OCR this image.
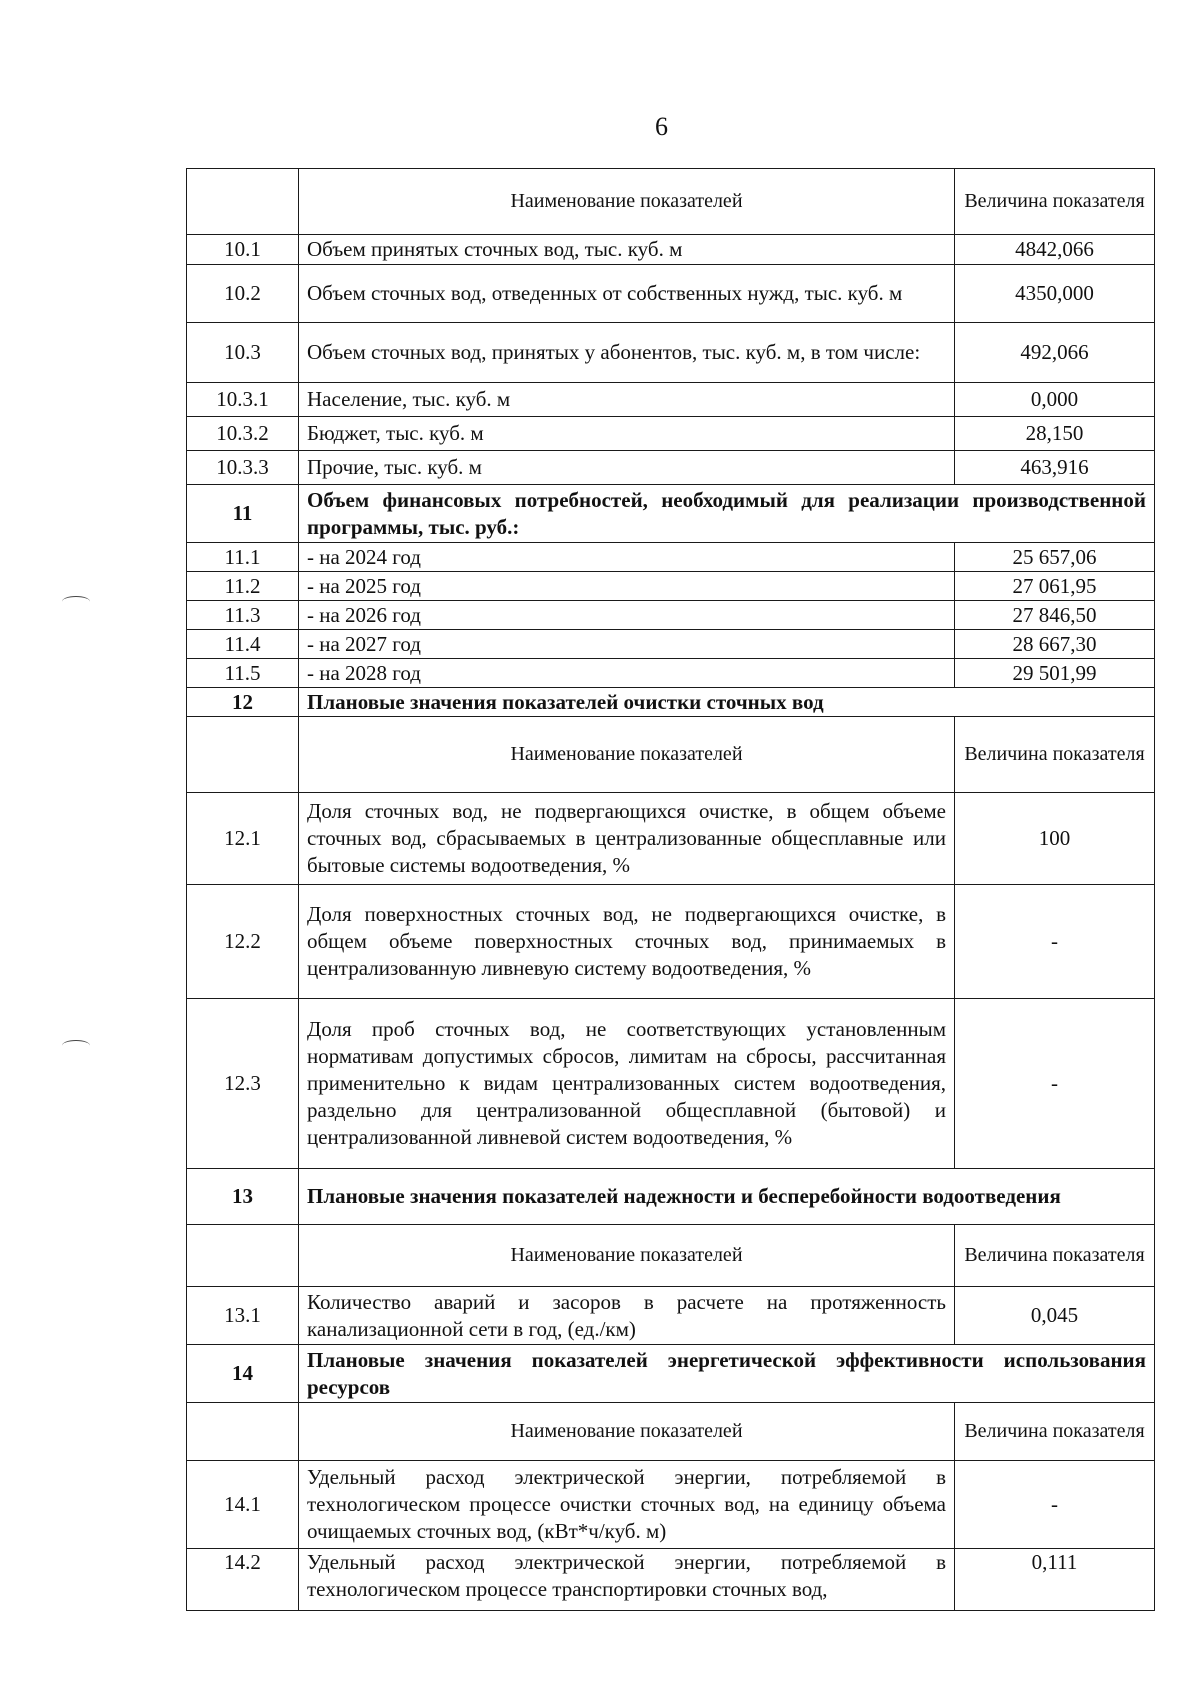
6
	Наименование показателей	Величина показателя
10.1	Объем принятых сточных вод, тыс. куб. м	4842,066
10.2	Объем сточных вод, отведенных от собственных нужд, тыс. куб. м	4350,000
10.3	Объем сточных вод, принятых у абонентов, тыс. куб. м, в том числе:	492,066
10.3.1	Население, тыс. куб. м	0,000
10.3.2	Бюджет, тыс. куб. м	28,150
10.3.3	Прочие, тыс. куб. м	463,916
11	Объем финансовых потребностей, необходимый для реализации производственной программы, тыс. руб.:	
11.1	- на 2024 год	25 657,06
11.2	- на 2025 год	27 061,95
11.3	- на 2026 год	27 846,50
11.4	- на 2027 год	28 667,30
11.5	- на 2028 год	29 501,99
12	Плановые значения показателей очистки сточных вод	
	Наименование показателей	Величина показателя
12.1	Доля сточных вод, не подвергающихся очистке, в общем объеме сточных вод, сбрасываемых в централизованные общесплавные или бытовые системы водоотведения, %	100
12.2	Доля поверхностных сточных вод, не подвергающихся очистке, в общем объеме поверхностных сточных вод, принимаемых в централизованную ливневую систему водоотведения, %	-
12.3	Доля проб сточных вод, не соответствующих установленным нормативам допустимых сбросов, лимитам на сбросы, рассчитанная применительно к видам централизованных систем водоотведения, раздельно для централизованной общесплавной (бытовой) и централизованной ливневой систем водоотведения, %	-
13	Плановые значения показателей надежности и бесперебойности водоотведения	
	Наименование показателей	Величина показателя
13.1	Количество аварий и засоров в расчете на протяженность канализационной сети в год, (ед./км)	0,045
14	Плановые значения показателей энергетической эффективности использования ресурсов	
	Наименование показателей	Величина показателя
14.1	Удельный расход электрической энергии, потребляемой в технологическом процессе очистки сточных вод, на единицу объема очищаемых сточных вод, (кВт*ч/куб. м)	-
14.2	Удельный расход электрической энергии, потребляемой в технологическом процессе транспортировки сточных вод,	0,111
